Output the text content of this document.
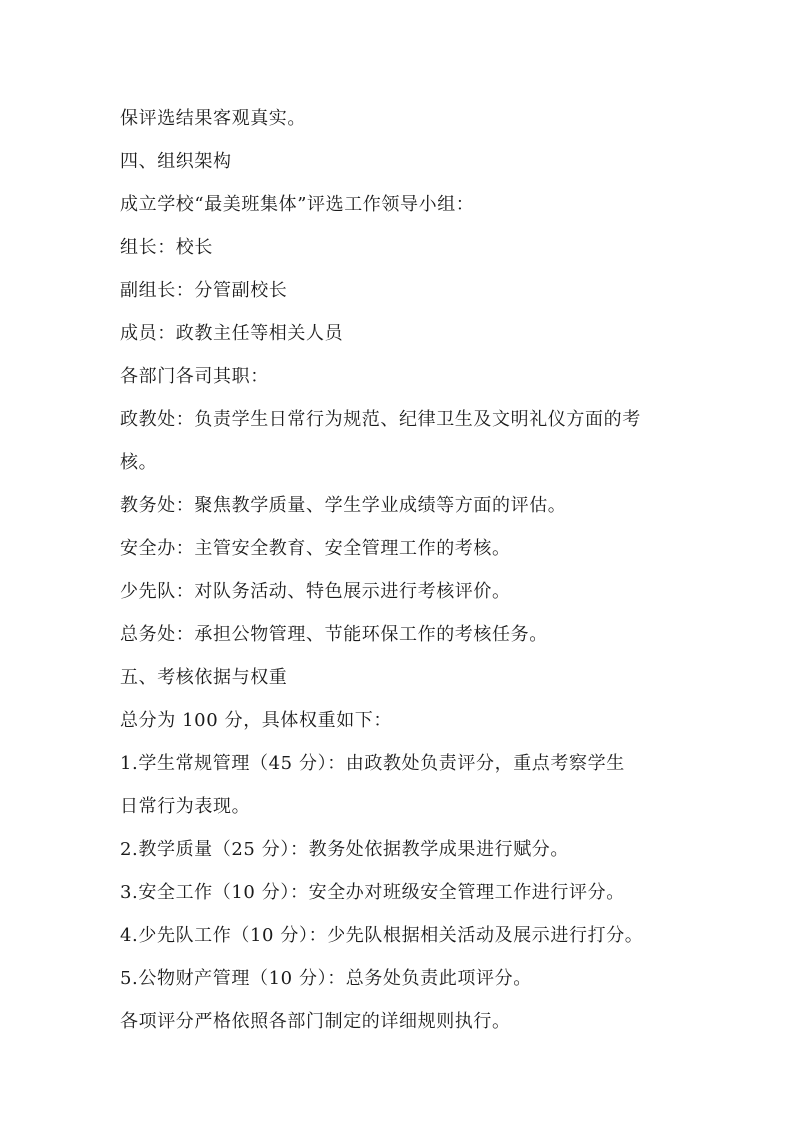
保评选结果客观真实。
四、组织架构
成立学校“最美班集体”评选工作领导小组：
组长：校长
副组长：分管副校长
成员：政教主任等相关人员
各部门各司其职：
政教处：负责学生日常行为规范、纪律卫生及文明礼仪方面的考
核。
教务处：聚焦教学质量、学生学业成绩等方面的评估。
安全办：主管安全教育、安全管理工作的考核。
少先队：对队务活动、特色展示进行考核评价。
总务处：承担公物管理、节能环保工作的考核任务。
五、考核依据与权重
总分为 100 分，具体权重如下：
1.学生常规管理（45 分）：由政教处负责评分，重点考察学生
日常行为表现。
2.教学质量（25 分）：教务处依据教学成果进行赋分。
3.安全工作（10 分）：安全办对班级安全管理工作进行评分。
4.少先队工作（10 分）：少先队根据相关活动及展示进行打分。
5.公物财产管理（10 分）：总务处负责此项评分。
各项评分严格依照各部门制定的详细规则执行。
